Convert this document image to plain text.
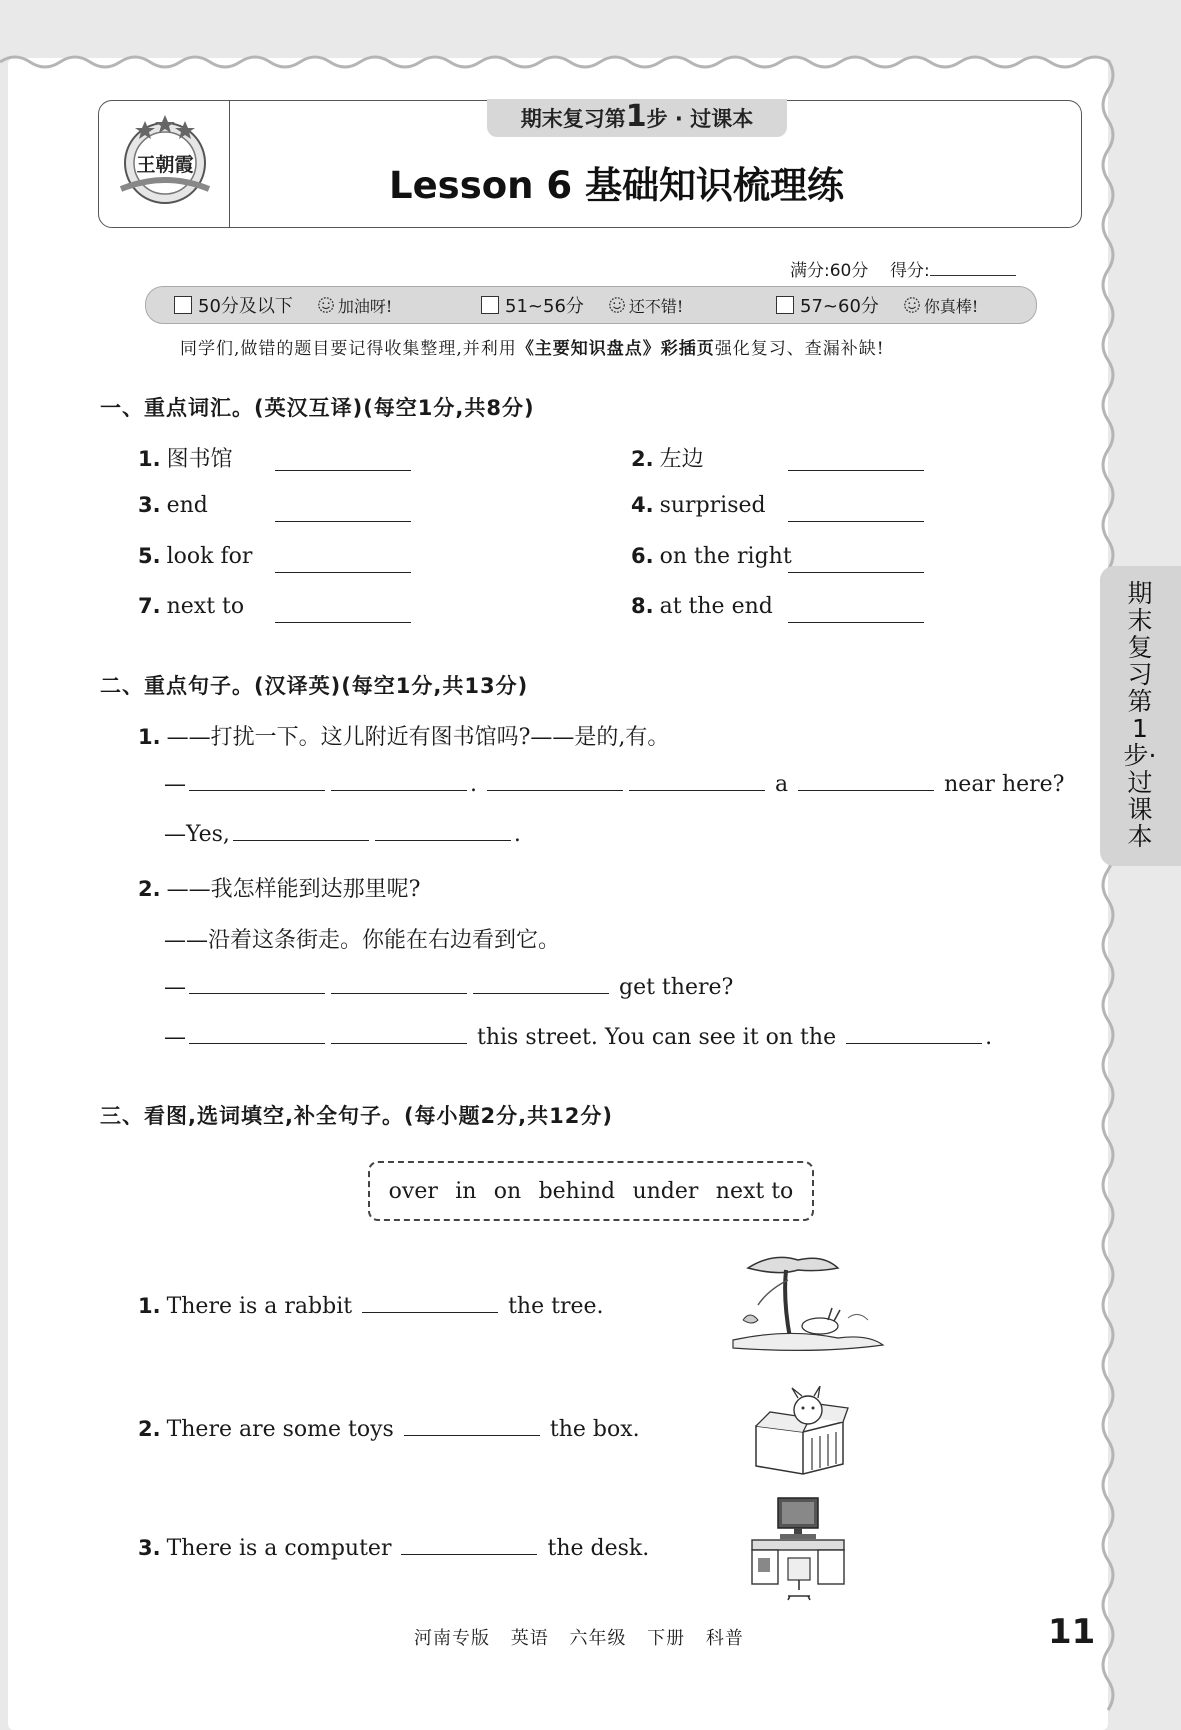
王朝霞
期末复习第1步 · 过课本
Lesson 6 基础知识梳理练
满分:60分 得分:
50分及以下	加油呀!	51~56分	还不错!	57~60分	你真棒!
同学们,做错的题目要记得收集整理,并利用《主要知识盘点》彩插页强化复习、查漏补缺!
一、重点词汇。(英汉互译)(每空1分,共8分)
1. 图书馆	2. 左边
3. end	4. surprised
5. look for	6. on the right
7. next to	8. at the end
二、重点句子。(汉译英)(每空1分,共13分)
1. ——打扰一下。这儿附近有图书馆吗?——是的,有。
—	.	a	near here?
—Yes,	.
2. ——我怎样能到达那里呢?
——沿着这条街走。你能在右边看到它。
—	get there?
—	this street. You can see it on the	.
三、看图,选词填空,补全句子。(每小题2分,共12分)
over in on behind under next to
1. There is a rabbit	the tree.
2. There are some toys	the box.
3. There is a computer	the desk.
期末复习第1步·过课本
河南专版 英语 六年级 下册 科普	11
